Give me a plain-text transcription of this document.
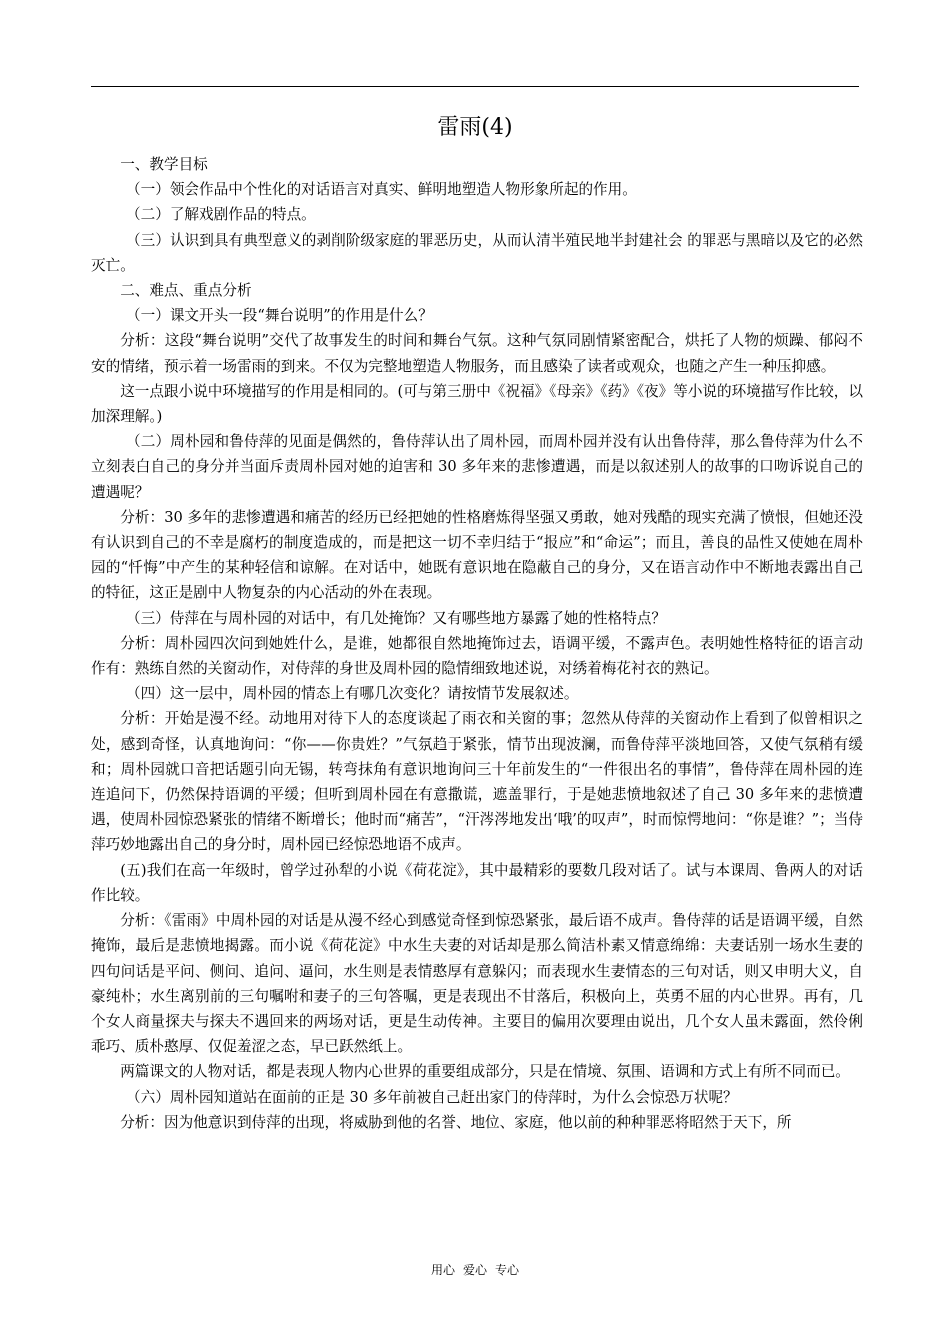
雷雨(4)

一、教学目标

（一）领会作品中个性化的对话语言对真实、鲜明地塑造人物形象所起的作用。

（二）了解戏剧作品的特点。

（三）认识到具有典型意义的剥削阶级家庭的罪恶历史，从而认清半殖民地半封建社会 的罪恶与黑暗以及它的必然灭亡。

二、难点、重点分析

（一）课文开头一段“舞台说明”的作用是什么？

分析：这段“舞台说明”交代了故事发生的时间和舞台气氛。这种气氛同剧情紧密配合，烘托了人物的烦躁、郁闷不安的情绪，预示着一场雷雨的到来。不仅为完整地塑造人物服务，而且感染了读者或观众，也随之产生一种压抑感。

这一点跟小说中环境描写的作用是相同的。(可与第三册中《祝福》《母亲》《药》《夜》等小说的环境描写作比较，以加深理解。)

（二）周朴园和鲁侍萍的见面是偶然的，鲁侍萍认出了周朴园，而周朴园并没有认出鲁侍萍，那么鲁侍萍为什么不立刻表白自己的身分并当面斥责周朴园对她的迫害和 30 多年来的悲惨遭遇，而是以叙述别人的故事的口吻诉说自己的遭遇呢？

分析：30 多年的悲惨遭遇和痛苦的经历已经把她的性格磨炼得坚强又勇敢，她对残酷的现实充满了愤恨，但她还没有认识到自己的不幸是腐朽的制度造成的，而是把这一切不幸归结于“报应”和“命运”；而且，善良的品性又使她在周朴园的“忏悔”中产生的某种轻信和谅解。在对话中，她既有意识地在隐蔽自己的身分，又在语言动作中不断地表露出自己的特征，这正是剧中人物复杂的内心活动的外在表现。

（三）侍萍在与周朴园的对话中，有几处掩饰？又有哪些地方暴露了她的性格特点？

分析：周朴园四次问到她姓什么，是谁，她都很自然地掩饰过去，语调平缓，不露声色。表明她性格特征的语言动作有：熟练自然的关窗动作，对侍萍的身世及周朴园的隐情细致地述说，对绣着梅花衬衣的熟记。

（四）这一层中，周朴园的情态上有哪几次变化？请按情节发展叙述。

分析：开始是漫不经。动地用对待下人的态度谈起了雨衣和关窗的事；忽然从侍萍的关窗动作上看到了似曾相识之处，感到奇怪，认真地询问：“你——你贵姓？”气氛趋于紧张，情节出现波澜，而鲁侍萍平淡地回答，又使气氛稍有缓和；周朴园就口音把话题引向无锡，转弯抹角有意识地询问三十年前发生的“一件很出名的事情”，鲁侍萍在周朴园的连连追问下，仍然保持语调的平缓；但听到周朴园在有意撒谎，遮盖罪行，于是她悲愤地叙述了自己 30 多年来的悲愤遭遇，使周朴园惊恐紧张的情绪不断增长；他时而“痛苦”，“汗涔涔地发出‘哦’的叹声”，时而惊愕地问：“你是谁？”；当侍萍巧妙地露出自己的身分时，周朴园已经惊恐地语不成声。

(五)我们在高一年级时，曾学过孙犁的小说《荷花淀》，其中最精彩的要数几段对话了。试与本课周、鲁两人的对话作比较。

分析：《雷雨》中周朴园的对话是从漫不经心到感觉奇怪到惊恐紧张，最后语不成声。鲁侍萍的话是语调平缓，自然掩饰，最后是悲愤地揭露。而小说《荷花淀》中水生夫妻的对话却是那么简洁朴素又情意绵绵：夫妻话别一场水生妻的四句问话是平问、侧问、追问、逼问，水生则是表情憨厚有意躲闪；而表现水生妻情态的三句对话，则又申明大义，自豪纯朴；水生离别前的三句嘱咐和妻子的三句答嘱，更是表现出不甘落后，积极向上，英勇不屈的内心世界。再有，几个女人商量探夫与探夫不遇回来的两场对话，更是生动传神。主要目的偏用次要理由说出，几个女人虽未露面，然伶俐乖巧、质朴憨厚、仅促羞涩之态，早已跃然纸上。

两篇课文的人物对话，都是表现人物内心世界的重要组成部分，只是在情境、氛围、语调和方式上有所不同而已。

（六）周朴园知道站在面前的正是 30 多年前被自己赶出家门的侍萍时，为什么会惊恐万状呢？

分析：因为他意识到侍萍的出现，将威胁到他的名誉、地位、家庭，他以前的种种罪恶将昭然于天下，所

用心 爱心 专心
